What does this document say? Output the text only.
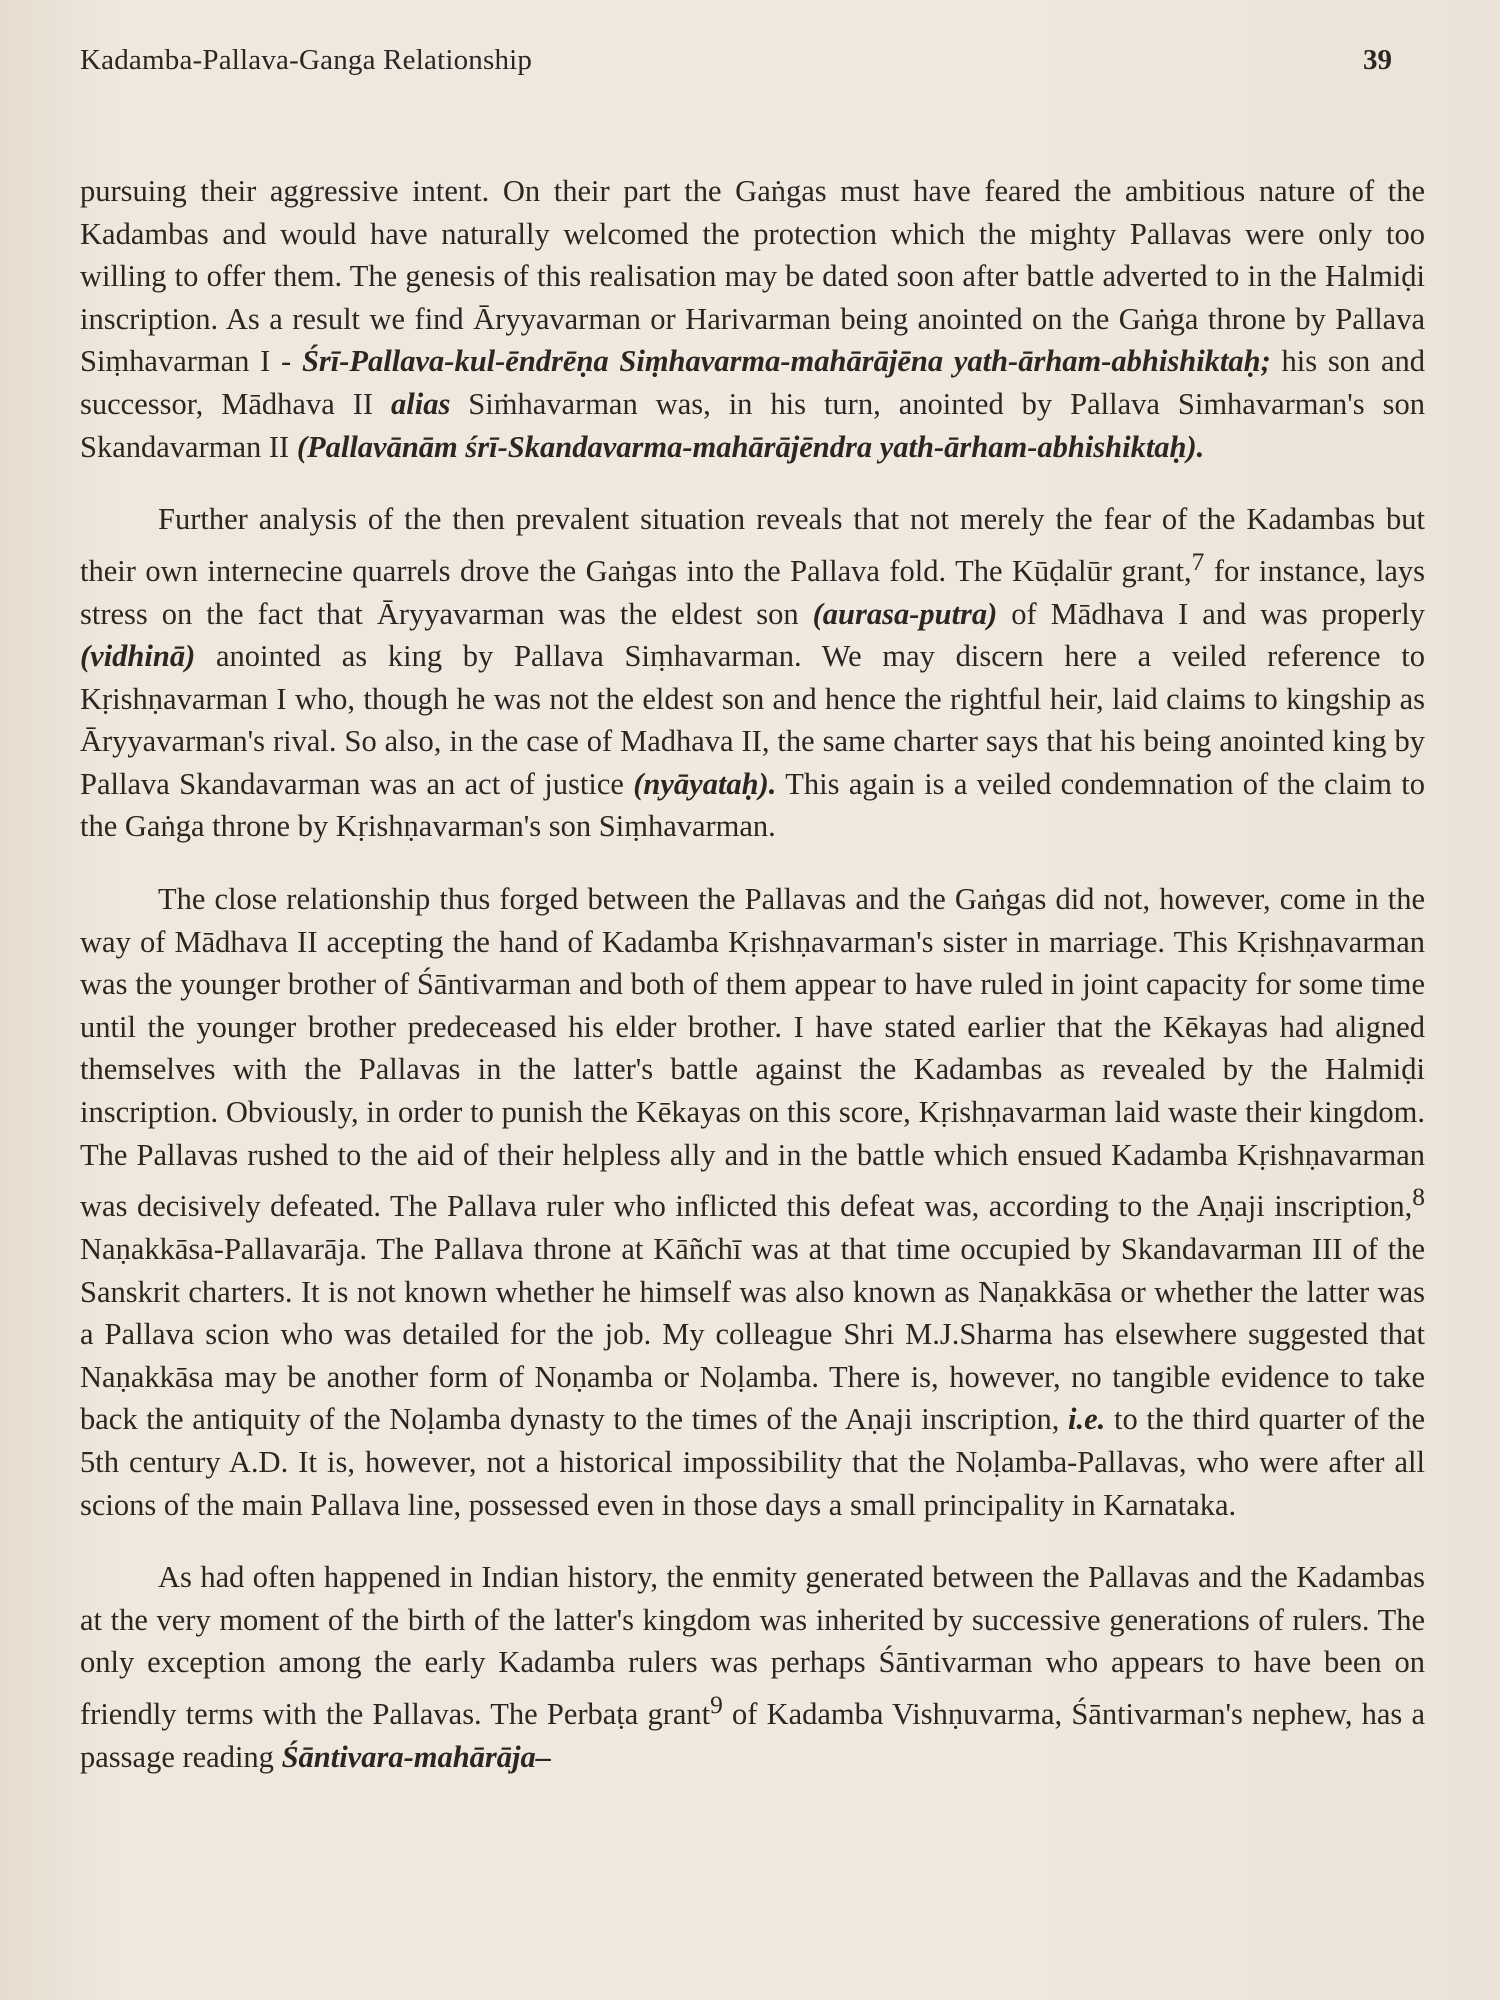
Kadamba-Pallava-Ganga Relationship	39

pursuing their aggressive intent. On their part the Gaṅgas must have feared the ambitious nature of the Kadambas and would have naturally welcomed the protection which the mighty Pallavas were only too willing to offer them. The genesis of this realisation may be dated soon after battle adverted to in the Halmiḍi inscription. As a result we find Āryyavarman or Harivarman being anointed on the Gaṅga throne by Pallava Siṃhavarman I - Śrī-Pallava-kul-ēndrēṇa Siṃhavarma-mahārājēna yath-ārham-abhishiktaḥ; his son and successor, Mādhava II alias Siṁhavarman was, in his turn, anointed by Pallava Simhavarman's son Skandavarman II (Pallavānām śrī-Skandavarma-mahārājēndra yath-ārham-abhishiktaḥ).

Further analysis of the then prevalent situation reveals that not merely the fear of the Kadambas but their own internecine quarrels drove the Gaṅgas into the Pallava fold. The Kūḍalūr grant,$^7$ for instance, lays stress on the fact that Āryyavarman was the eldest son (aurasa-putra) of Mādhava I and was properly (vidhinā) anointed as king by Pallava Siṃhavarman. We may discern here a veiled reference to Kṛishṇavarman I who, though he was not the eldest son and hence the rightful heir, laid claims to kingship as Āryyavarman's rival. So also, in the case of Madhava II, the same charter says that his being anointed king by Pallava Skandavarman was an act of justice (nyāyataḥ). This again is a veiled condemnation of the claim to the Gaṅga throne by Kṛishṇavarman's son Siṃhavarman.

The close relationship thus forged between the Pallavas and the Gaṅgas did not, however, come in the way of Mādhava II accepting the hand of Kadamba Kṛishṇavarman's sister in marriage. This Kṛishṇavarman was the younger brother of Śāntivarman and both of them appear to have ruled in joint capacity for some time until the younger brother predeceased his elder brother. I have stated earlier that the Kēkayas had aligned themselves with the Pallavas in the latter's battle against the Kadambas as revealed by the Halmiḍi inscription. Obviously, in order to punish the Kēkayas on this score, Kṛishṇavarman laid waste their kingdom. The Pallavas rushed to the aid of their helpless ally and in the battle which ensued Kadamba Kṛishṇavarman was decisively defeated. The Pallava ruler who inflicted this defeat was, according to the Aṇaji inscription,$^8$ Naṇakkāsa-Pallavarāja. The Pallava throne at Kāñchī was at that time occupied by Skandavarman III of the Sanskrit charters. It is not known whether he himself was also known as Naṇakkāsa or whether the latter was a Pallava scion who was detailed for the job. My colleague Shri M.J.Sharma has elsewhere suggested that Naṇakkāsa may be another form of Noṇamba or Noḷamba. There is, however, no tangible evidence to take back the antiquity of the Noḷamba dynasty to the times of the Aṇaji inscription, i.e. to the third quarter of the 5th century A.D. It is, however, not a historical impossibility that the Noḷamba-Pallavas, who were after all scions of the main Pallava line, possessed even in those days a small principality in Karnataka.

As had often happened in Indian history, the enmity generated between the Pallavas and the Kadambas at the very moment of the birth of the latter's kingdom was inherited by successive generations of rulers. The only exception among the early Kadamba rulers was perhaps Śāntivarman who appears to have been on friendly terms with the Pallavas. The Perbaṭa grant$^9$ of Kadamba Vishṇuvarma, Śāntivarman's nephew, has a passage reading Śāntivara-mahārāja–
